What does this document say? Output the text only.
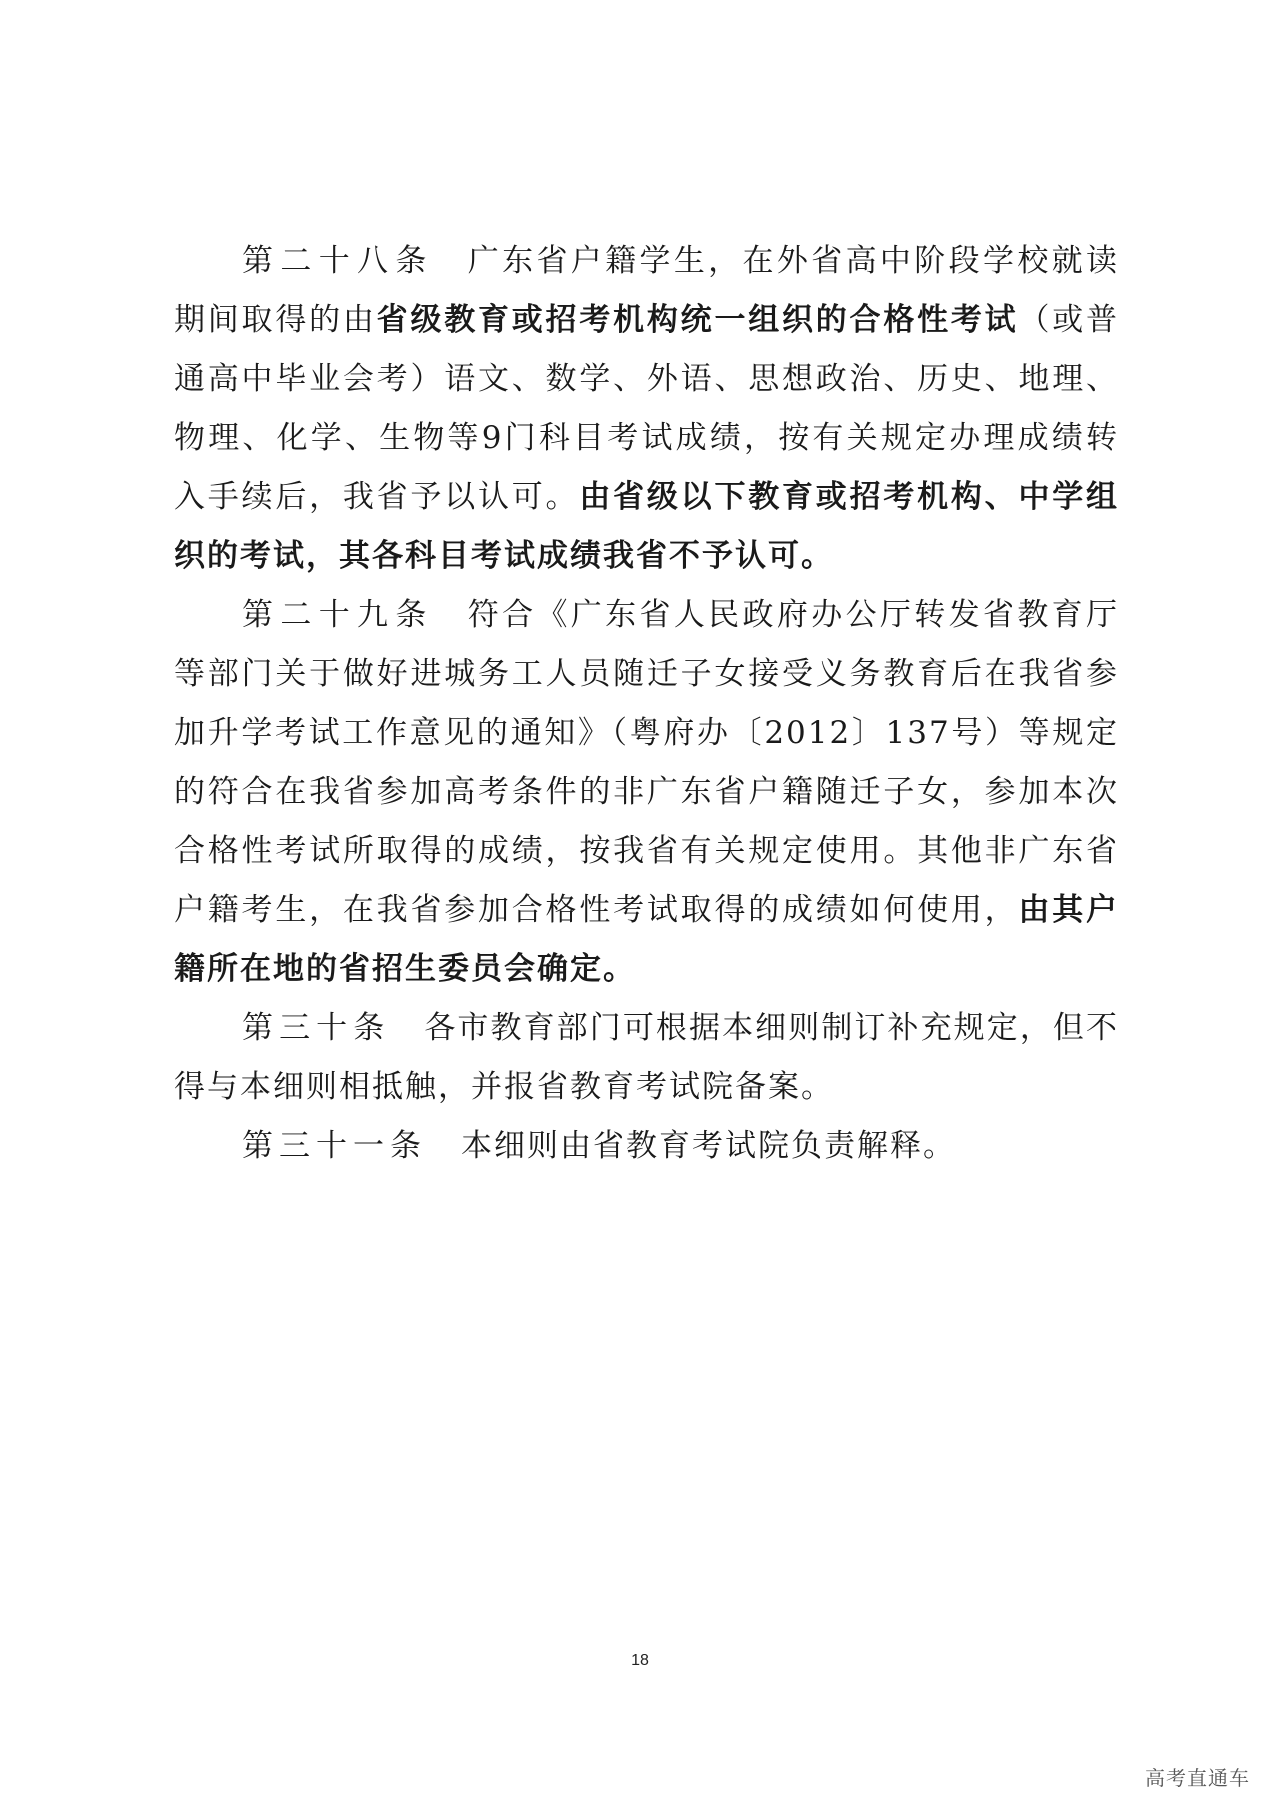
第二十八条 广东省户籍学生，在外省高中阶段学校就读期间取得的由省级教育或招考机构统一组织的合格性考试（或普通高中毕业会考）语文、数学、外语、思想政治、历史、地理、物理、化学、生物等9门科目考试成绩，按有关规定办理成绩转入手续后，我省予以认可。由省级以下教育或招考机构、中学组织的考试，其各科目考试成绩我省不予认可。

第二十九条 符合《广东省人民政府办公厅转发省教育厅等部门关于做好进城务工人员随迁子女接受义务教育后在我省参加升学考试工作意见的通知》（粤府办〔2012〕137号）等规定的符合在我省参加高考条件的非广东省户籍随迁子女，参加本次合格性考试所取得的成绩，按我省有关规定使用。其他非广东省户籍考生，在我省参加合格性考试取得的成绩如何使用，由其户籍所在地的省招生委员会确定。

第三十条 各市教育部门可根据本细则制订补充规定，但不得与本细则相抵触，并报省教育考试院备案。

第三十一条 本细则由省教育考试院负责解释。

18
高考直通车
